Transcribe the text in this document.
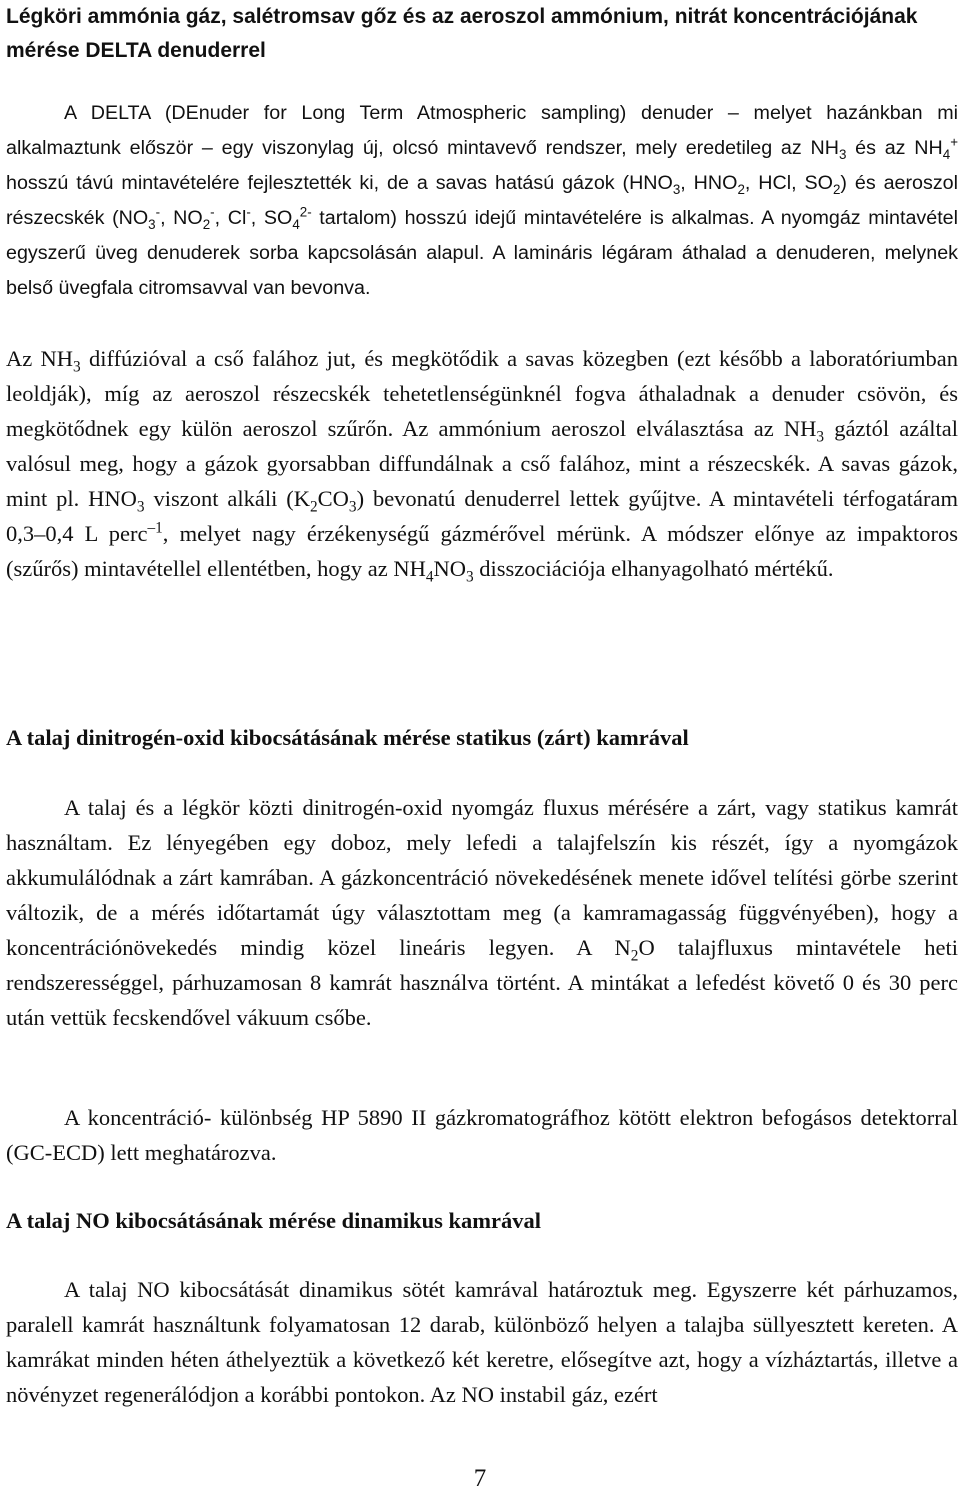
Légköri ammónia gáz, salétromsav gőz és az aeroszol ammónium, nitrát koncentrációjának mérése DELTA denuderrel

A DELTA (DEnuder for Long Term Atmospheric sampling) denuder – melyet hazánkban mi alkalmaztunk először – egy viszonylag új, olcsó mintavevő rendszer, mely eredetileg az $NH_3$ és az $NH_4^+$ hosszú távú mintavételére fejlesztették ki, de a savas hatású gázok ($HNO_3$, $HNO_2$, HCl, $SO_2$) és aeroszol részecskék ($NO_3^-$, $NO_2^-$, Cl-, $SO_4^{2-}$ tartalom) hosszú idejű mintavételére is alkalmas. A nyomgáz mintavétel egyszerű üveg denuderek sorba kapcsolásán alapul. A lamináris légáram áthalad a denuderen, melynek belső üvegfala citromsavval van bevonva.

Az $NH_3$ diffúzióval a cső falához jut, és megkötődik a savas közegben (ezt később a laboratóriumban leoldják), míg az aeroszol részecskék tehetetlenségünknél fogva áthaladnak a denuder csövön, és megkötődnek egy külön aeroszol szűrőn. Az ammónium aeroszol elválasztása az $NH_3$ gáztól azáltal valósul meg, hogy a gázok gyorsabban diffundálnak a cső falához, mint a részecskék. A savas gázok, mint pl. $HNO_3$ viszont alkáli $(K_2CO_3)$ bevonatú denuderrel lettek gyűjtve. A mintavételi térfogatáram 0,3–0,4 L perc$^{-1}$, melyet nagy érzékenységű gázmérővel mérünk. A módszer előnye az impaktoros (szűrős) mintavétellel ellentétben, hogy az $NH_4NO_3$ disszociációja elhanyagolható mértékű.

A talaj dinitrogén-oxid kibocsátásának mérése statikus (zárt) kamrával

A talaj és a légkör közti dinitrogén-oxid nyomgáz fluxus mérésére a zárt, vagy statikus kamrát használtam. Ez lényegében egy doboz, mely lefedi a talajfelszín kis részét, így a nyomgázok akkumulálódnak a zárt kamrában. A gázkoncentráció növekedésének menete idővel telítési görbe szerint változik, de a mérés időtartamát úgy választottam meg (a kamramagasság függvényében), hogy a koncentrációnövekedés mindig közel lineáris legyen. A $N_2O$ talajfluxus mintavétele heti rendszerességgel, párhuzamosan 8 kamrát használva történt. A mintákat a lefedést követő 0 és 30 perc után vettük fecskendővel vákuum csőbe.

A koncentráció- különbség HP 5890 II gázkromatográfhoz kötött elektron befogásos detektorral (GC-ECD) lett meghatározva.

A talaj NO kibocsátásának mérése dinamikus kamrával

A talaj NO kibocsátását dinamikus sötét kamrával határoztuk meg. Egyszerre két párhuzamos, paralell kamrát használtunk folyamatosan 12 darab, különböző helyen a talajba süllyesztett kereten. A kamrákat minden héten áthelyeztük a következő két keretre, elősegítve azt, hogy a vízháztartás, illetve a növényzet regenerálódjon a korábbi pontokon. Az NO instabil gáz, ezért

7
